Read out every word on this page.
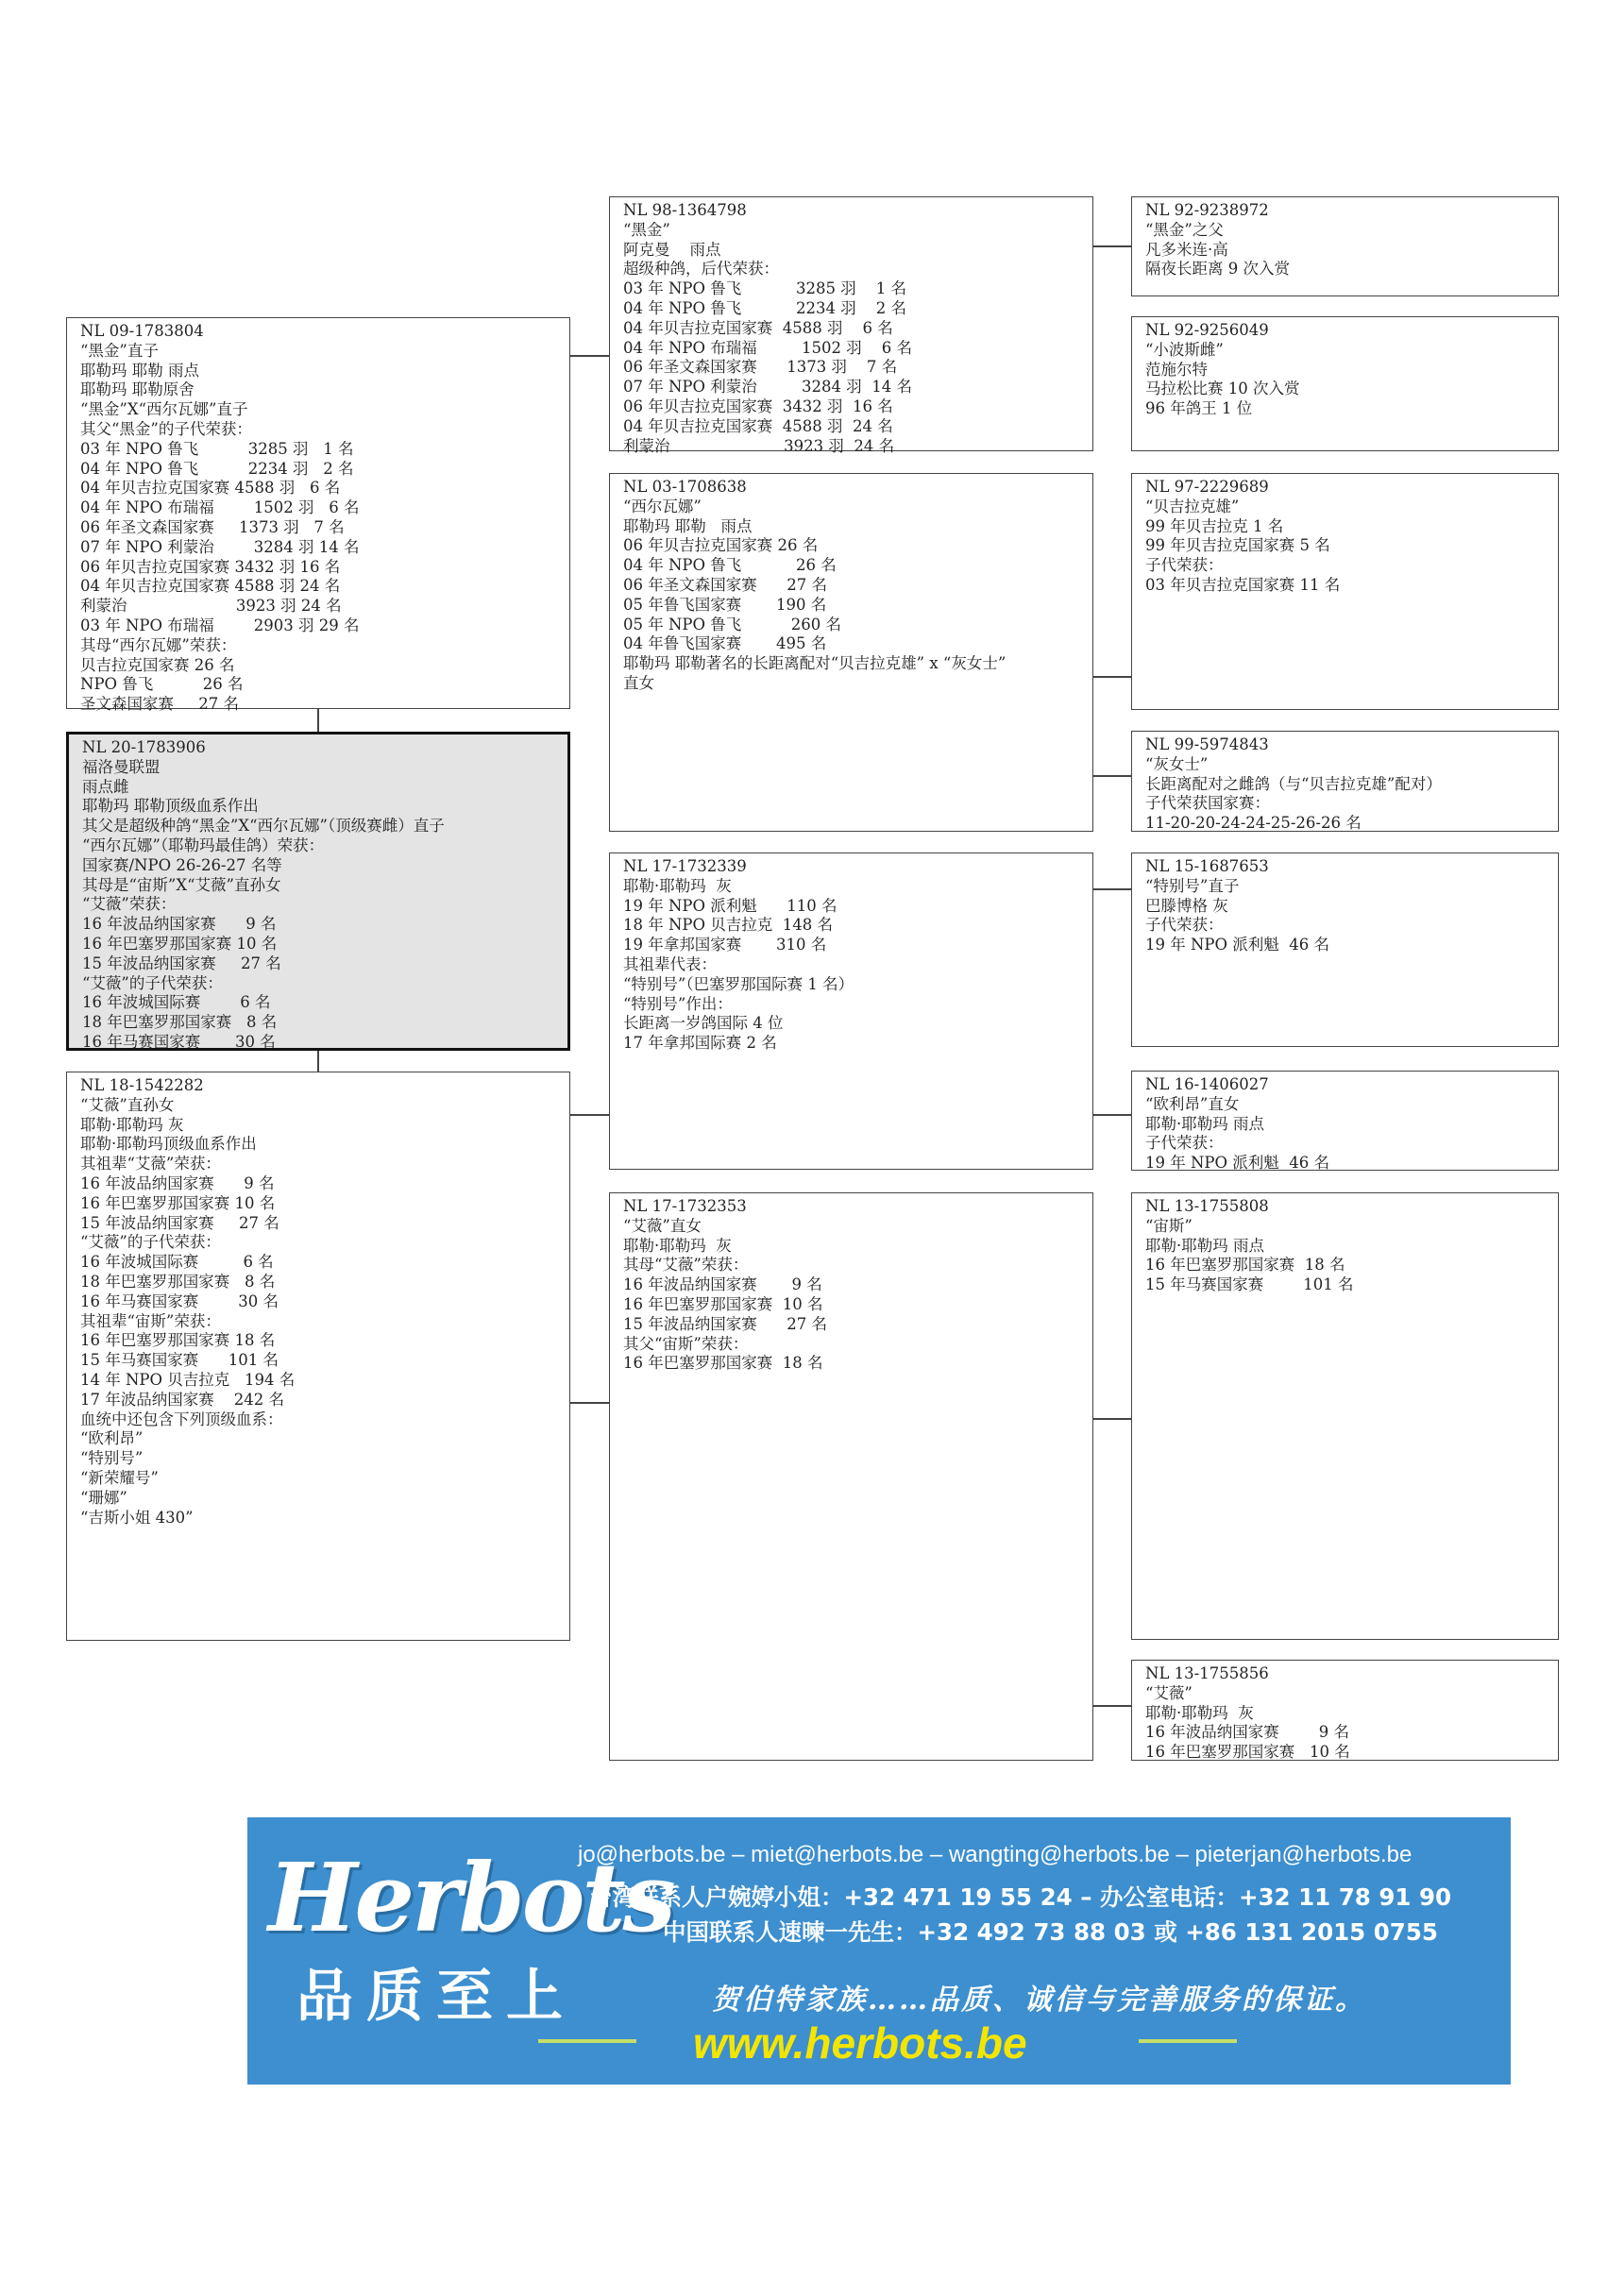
NL 09-1783804
“黑金”直子
耶勒玛 耶勒 雨点
耶勒玛 耶勒原舍
“黑金”X“西尔瓦娜”直子
其父“黑金”的子代荣获：
03 年 NPO 鲁飞          3285 羽   1 名
04 年 NPO 鲁飞          2234 羽   2 名
04 年贝吉拉克国家赛 4588 羽   6 名
04 年 NPO 布瑞福        1502 羽   6 名
06 年圣文森国家赛     1373 羽   7 名
07 年 NPO 利蒙治        3284 羽 14 名
06 年贝吉拉克国家赛 3432 羽 16 名
04 年贝吉拉克国家赛 4588 羽 24 名
利蒙治                      3923 羽 24 名
03 年 NPO 布瑞福        2903 羽 29 名
其母“西尔瓦娜”荣获：
贝吉拉克国家赛 26 名
NPO 鲁飞          26 名
圣文森国家赛     27 名
NL 20-1783906
福洛曼联盟
雨点雌
耶勒玛 耶勒顶级血系作出
其父是超级种鸽“黑金”X“西尔瓦娜”（顶级赛雌）直子
“西尔瓦娜”（耶勒玛最佳鸽）荣获：
国家赛/NPO 26-26-27 名等
其母是“宙斯”X“艾薇”直孙女
“艾薇”荣获：
16 年波品纳国家赛      9 名
16 年巴塞罗那国家赛 10 名
15 年波品纳国家赛     27 名
“艾薇”的子代荣获：
16 年波城国际赛        6 名
18 年巴塞罗那国家赛   8 名
16 年马赛国家赛       30 名
NL 18-1542282
“艾薇”直孙女
耶勒·耶勒玛 灰
耶勒·耶勒玛顶级血系作出
其祖辈“艾薇”荣获：
16 年波品纳国家赛      9 名
16 年巴塞罗那国家赛 10 名
15 年波品纳国家赛     27 名
“艾薇”的子代荣获：
16 年波城国际赛         6 名
18 年巴塞罗那国家赛   8 名
16 年马赛国家赛        30 名
其祖辈“宙斯”荣获：
16 年巴塞罗那国家赛 18 名
15 年马赛国家赛      101 名
14 年 NPO 贝吉拉克   194 名
17 年波品纳国家赛    242 名
血统中还包含下列顶级血系：
“欧利昂”
“特别号”
“新荣耀号”
“珊娜”
“吉斯小姐 430”
NL 98-1364798
“黑金”
阿克曼    雨点
超级种鸽，后代荣获：
03 年 NPO 鲁飞           3285 羽    1 名
04 年 NPO 鲁飞           2234 羽    2 名
04 年贝吉拉克国家赛  4588 羽    6 名
04 年 NPO 布瑞福         1502 羽    6 名
06 年圣文森国家赛      1373 羽    7 名
07 年 NPO 利蒙治         3284 羽  14 名
06 年贝吉拉克国家赛  3432 羽  16 名
04 年贝吉拉克国家赛  4588 羽  24 名
利蒙治                       3923 羽  24 名
NL 03-1708638
“西尔瓦娜”
耶勒玛 耶勒   雨点
06 年贝吉拉克国家赛 26 名
04 年 NPO 鲁飞           26 名
06 年圣文森国家赛      27 名
05 年鲁飞国家赛       190 名
05 年 NPO 鲁飞          260 名
04 年鲁飞国家赛       495 名
耶勒玛 耶勒著名的长距离配对“贝吉拉克雄” x “灰女士”
直女
NL 17-1732339
耶勒·耶勒玛  灰
19 年 NPO 派利魁      110 名
18 年 NPO 贝吉拉克  148 名
19 年拿邦国家赛       310 名
其祖辈代表：
“特别号”（巴塞罗那国际赛 1 名）
“特别号”作出：
长距离一岁鸽国际 4 位
17 年拿邦国际赛 2 名
NL 17-1732353
“艾薇”直女
耶勒·耶勒玛  灰
其母“艾薇”荣获：
16 年波品纳国家赛       9 名
16 年巴塞罗那国家赛  10 名
15 年波品纳国家赛      27 名
其父“宙斯”荣获：
16 年巴塞罗那国家赛  18 名
NL 92-9238972
“黑金”之父
凡多米连·高
隔夜长距离 9 次入赏
NL 92-9256049
“小波斯雌”
范施尔特
马拉松比赛 10 次入赏
96 年鸽王 1 位
NL 97-2229689
“贝吉拉克雄”
99 年贝吉拉克 1 名
99 年贝吉拉克国家赛 5 名
子代荣获：
03 年贝吉拉克国家赛 11 名
NL 99-5974843
“灰女士”
长距离配对之雌鸽（与“贝吉拉克雄”配对）
子代荣获国家赛：
11-20-20-24-24-25-26-26 名
NL 15-1687653
“特别号”直子
巴滕博格 灰
子代荣获：
19 年 NPO 派利魁  46 名
NL 16-1406027
“欧利昂”直女
耶勒·耶勒玛 雨点
子代荣获：
19 年 NPO 派利魁  46 名
NL 13-1755808
“宙斯”
耶勒·耶勒玛 雨点
16 年巴塞罗那国家赛  18 名
15 年马赛国家赛        101 名
NL 13-1755856
“艾薇”
耶勒·耶勒玛  灰
16 年波品纳国家赛        9 名
16 年巴塞罗那国家赛   10 名
Herbots
品质至上
jo@herbots.be – miet@herbots.be – wangting@herbots.be – pieterjan@herbots.be
台湾联系人户婉婷小姐：+32 471 19 55 24 – 办公室电话：+32 11 78 91 90
中国联系人速暕一先生：+32 492 73 88 03 或 +86 131 2015 0755
贺伯特家族……品质、诚信与完善服务的保证。
www.herbots.be
